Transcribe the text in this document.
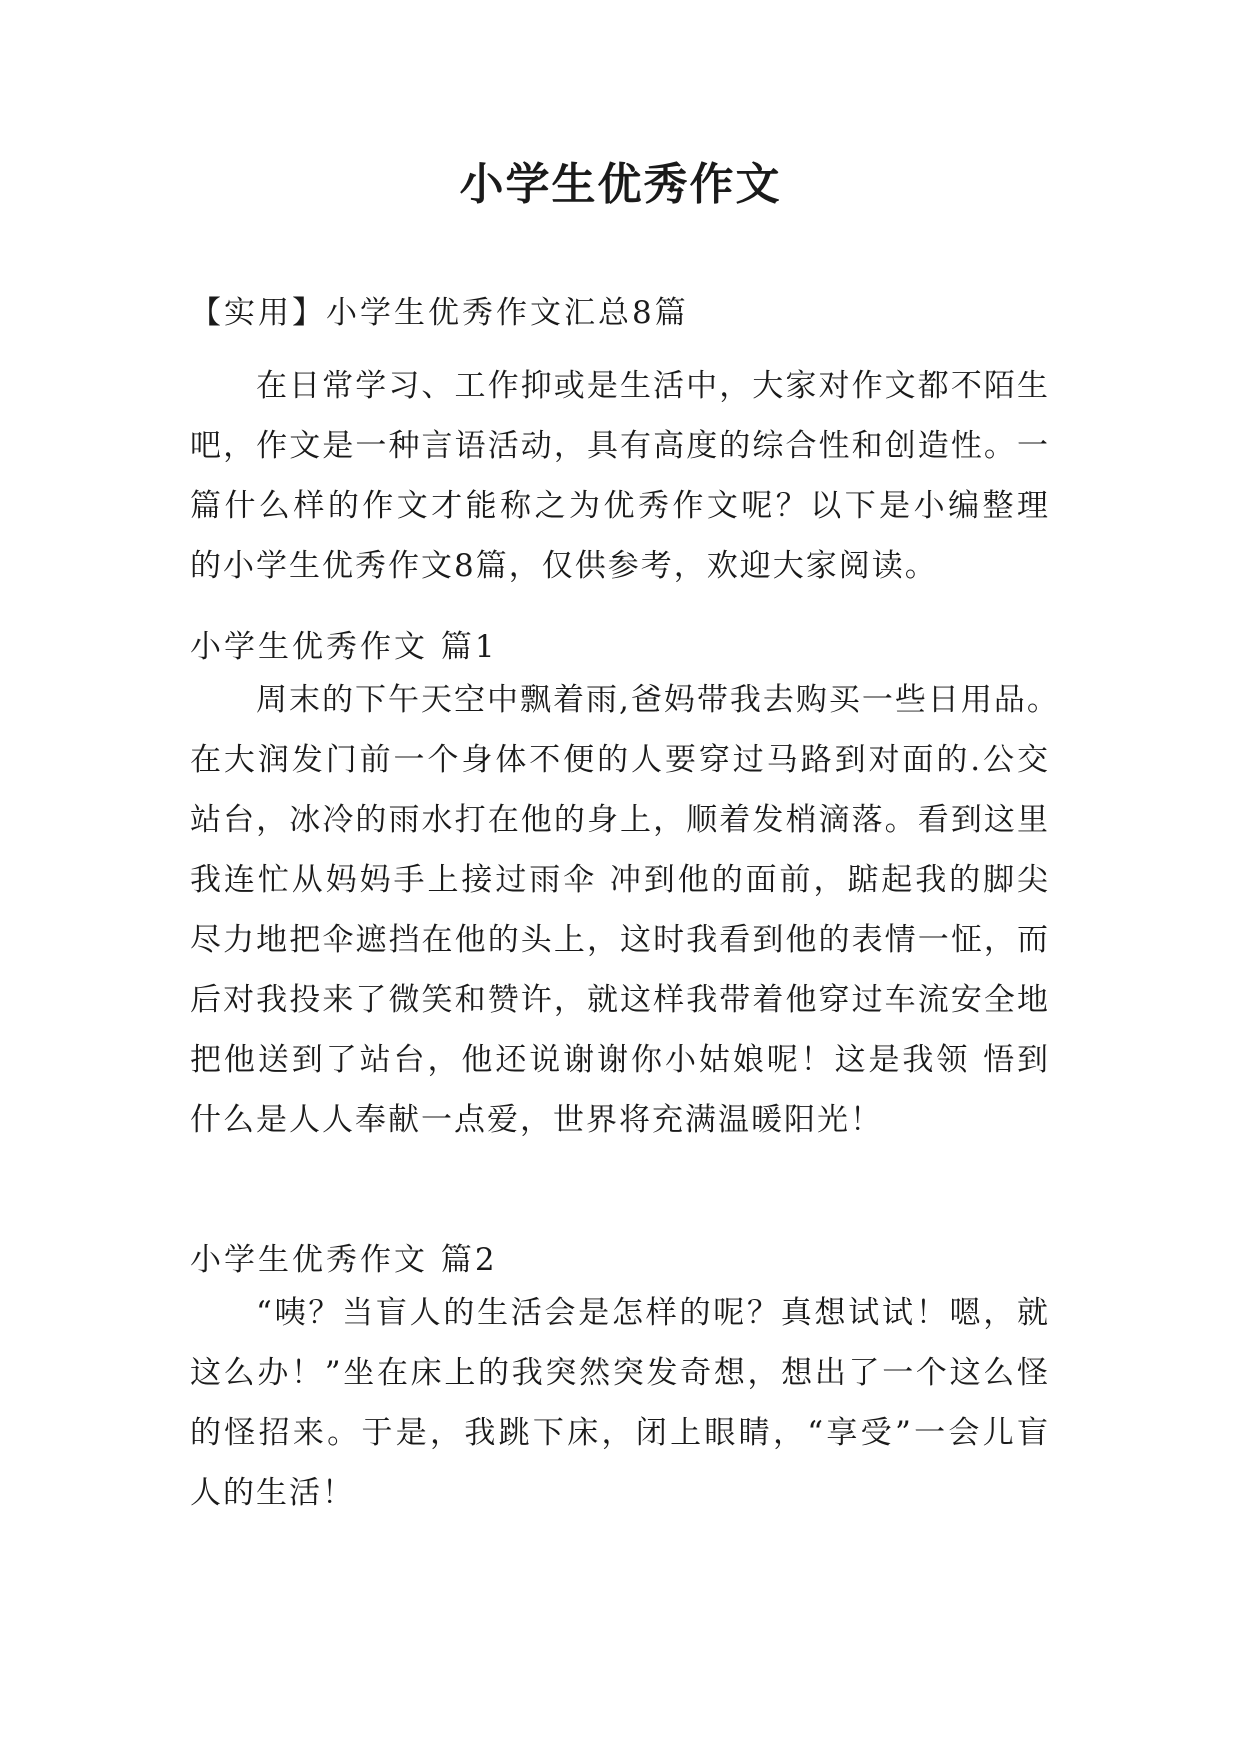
小学生优秀作文

【实用】小学生优秀作文汇总8篇

在日常学习、工作抑或是生活中，大家对作文都不陌生
吧，作文是一种言语活动，具有高度的综合性和创造性。一
篇什么样的作文才能称之为优秀作文呢？以下是小编整理
的小学生优秀作文8篇，仅供参考，欢迎大家阅读。

小学生优秀作文 篇1

周末的下午天空中飘着雨,爸妈带我去购买一些日用品。
在大润发门前一个身体不便的人要穿过马路到对面的.公交
站台，冰冷的雨水打在他的身上，顺着发梢滴落。看到这里
我连忙从妈妈手上接过雨伞 冲到他的面前，踮起我的脚尖
尽力地把伞遮挡在他的头上，这时我看到他的表情一怔，而
后对我投来了微笑和赞许，就这样我带着他穿过车流安全地
把他送到了站台，他还说谢谢你小姑娘呢！这是我领 悟到
什么是人人奉献一点爱，世界将充满温暖阳光！

小学生优秀作文 篇2

“咦？当盲人的生活会是怎样的呢？真想试试！嗯，就
这么办！”坐在床上的我突然突发奇想，想出了一个这么怪
的怪招来。于是，我跳下床，闭上眼睛，“享受”一会儿盲
人的生活！
